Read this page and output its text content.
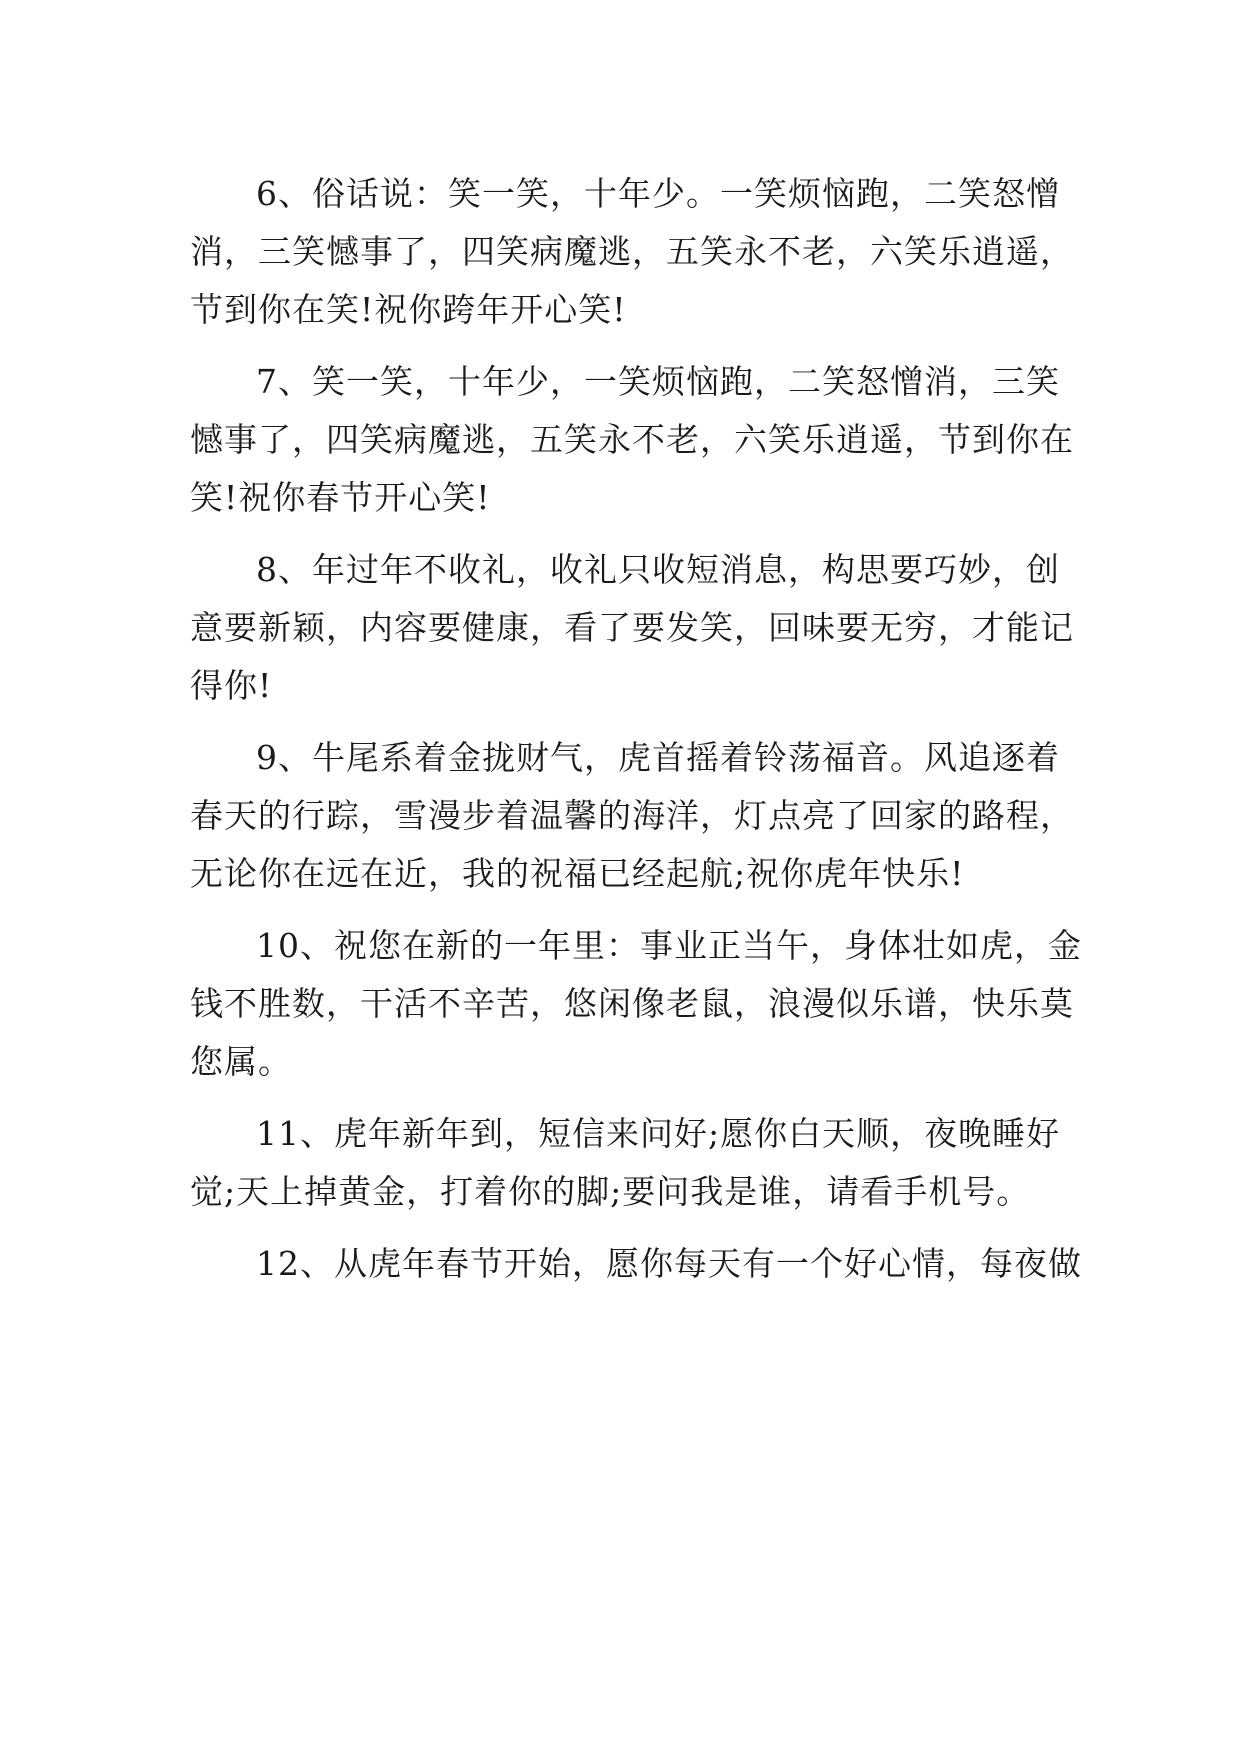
6、俗话说：笑一笑，十年少。一笑烦恼跑，二笑怒憎
消，三笑憾事了，四笑病魔逃，五笑永不老，六笑乐逍遥，
节到你在笑!祝你跨年开心笑!
7、笑一笑，十年少，一笑烦恼跑，二笑怒憎消，三笑
憾事了，四笑病魔逃，五笑永不老，六笑乐逍遥，节到你在
笑!祝你春节开心笑!
8、年过年不收礼，收礼只收短消息，构思要巧妙，创
意要新颖，内容要健康，看了要发笑，回味要无穷，才能记
得你!
9、牛尾系着金拢财气，虎首摇着铃荡福音。风追逐着
春天的行踪，雪漫步着温馨的海洋，灯点亮了回家的路程，
无论你在远在近，我的祝福已经起航;祝你虎年快乐!
10、祝您在新的一年里：事业正当午，身体壮如虎，金
钱不胜数，干活不辛苦，悠闲像老鼠，浪漫似乐谱，快乐莫
您属。
11、虎年新年到，短信来问好;愿你白天顺，夜晚睡好
觉;天上掉黄金，打着你的脚;要问我是谁，请看手机号。
12、从虎年春节开始，愿你每天有一个好心情，每夜做
